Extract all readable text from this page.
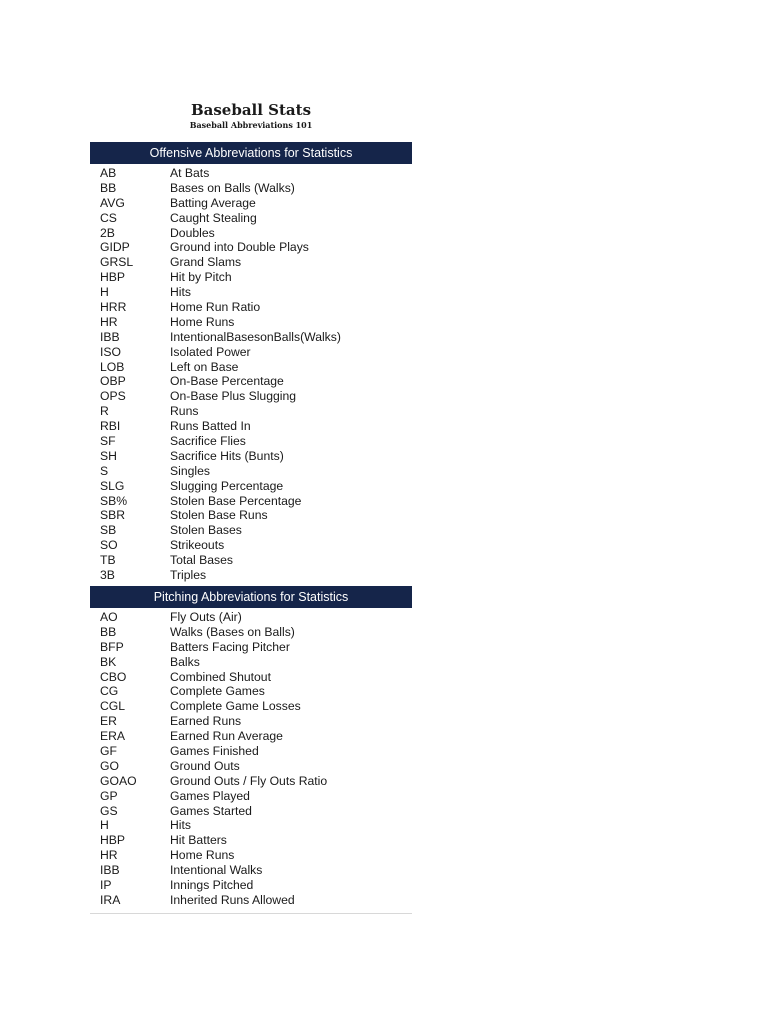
Baseball Stats
Baseball Abbreviations 101
Offensive Abbreviations for Statistics
AB	At Bats
BB	Bases on Balls (Walks)
AVG	Batting Average
CS	Caught Stealing
2B	Doubles
GIDP	Ground into Double Plays
GRSL	Grand Slams
HBP	Hit by Pitch
H	Hits
HRR	Home Run Ratio
HR	Home Runs
IBB	IntentionalBasesonBalls(Walks)
ISO	Isolated Power
LOB	Left on Base
OBP	On-Base Percentage
OPS	On-Base Plus Slugging
R	Runs
RBI	Runs Batted In
SF	Sacrifice Flies
SH	Sacrifice Hits (Bunts)
S	Singles
SLG	Slugging Percentage
SB%	Stolen Base Percentage
SBR	Stolen Base Runs
SB	Stolen Bases
SO	Strikeouts
TB	Total Bases
3B	Triples
Pitching Abbreviations for Statistics
AO	Fly Outs (Air)
BB	Walks (Bases on Balls)
BFP	Batters Facing Pitcher
BK	Balks
CBO	Combined Shutout
CG	Complete Games
CGL	Complete Game Losses
ER	Earned Runs
ERA	Earned Run Average
GF	Games Finished
GO	Ground Outs
GOAO	Ground Outs / Fly Outs Ratio
GP	Games Played
GS	Games Started
H	Hits
HBP	Hit Batters
HR	Home Runs
IBB	Intentional Walks
IP	Innings Pitched
IRA	Inherited Runs Allowed
